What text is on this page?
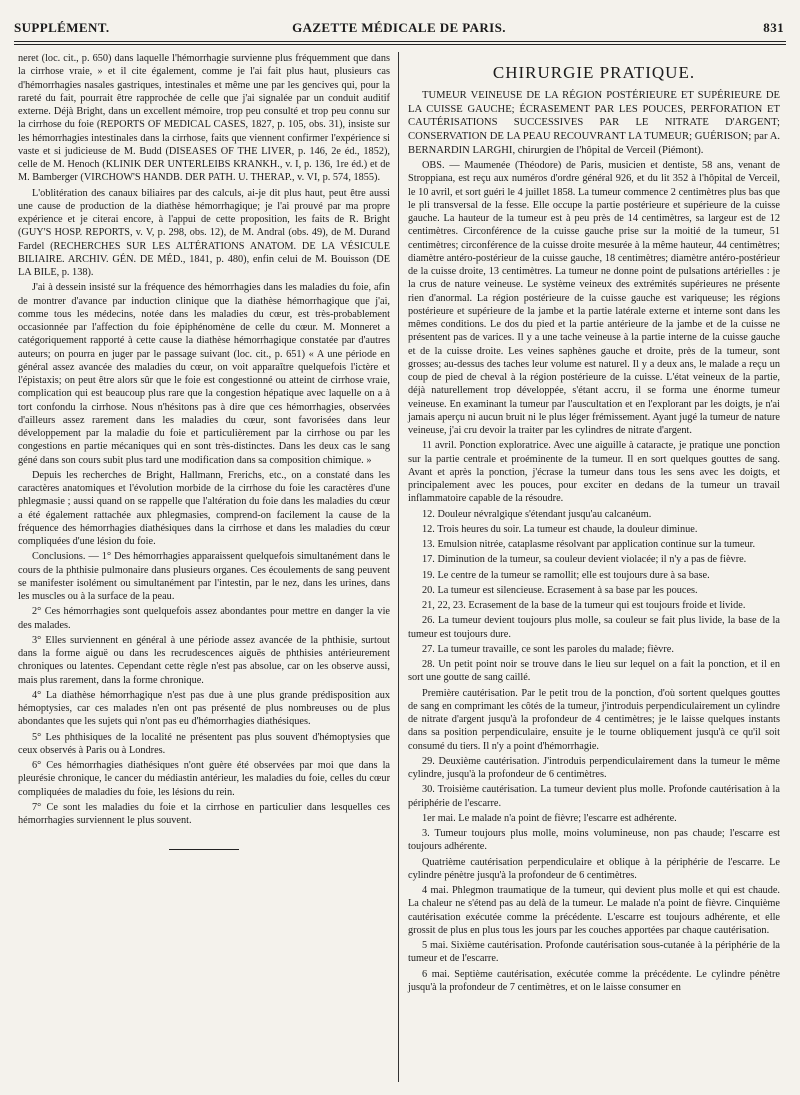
SUPPLÉMENT.	GAZETTE MÉDICALE DE PARIS.	831

neret (loc. cit., p. 650) dans laquelle l'hémorrhagie survienne plus fréquemment que dans la cirrhose vraie, » et il cite également, comme je l'ai fait plus haut, plusieurs cas d'hémorrhagies nasales gastriques, intestinales et même une par les gencives qui, pour la rareté du fait, pourrait être rapprochée de celle que j'ai signalée par un conduit auditif externe. Déjà Bright, dans un excellent mémoire, trop peu consulté et trop peu connu sur la cirrhose du foie (REPORTS OF MEDICAL CASES, 1827, p. 105, obs. 31), insiste sur les hémorrhagies intestinales dans la cirrhose, faits que viennent confirmer l'expérience si vaste et si judicieuse de M. Budd (DISEASES OF THE LIVER, p. 146, 2e éd., 1852), celle de M. Henoch (KLINIK DER UNTERLEIBS KRANKH., v. I, p. 136, 1re éd.) et de M. Bamberger (VIRCHOW'S HANDB. DER PATH. U. THERAP., v. VI, p. 574, 1855).

L'oblitération des canaux biliaires par des calculs, ai-je dit plus haut, peut être aussi une cause de production de la diathèse hémorrhagique; je l'ai prouvé par ma propre expérience et je citerai encore, à l'appui de cette proposition, les faits de R. Bright (GUY'S HOSP. REPORTS, v. V, p. 298, obs. 12), de M. Andral (obs. 49), de M. Durand Fardel (RECHERCHES SUR LES ALTÉRATIONS ANATOM. DE LA VÉSICULE BILIAIRE. ARCHIV. GÉN. DE MÉD., 1841, p. 480), enfin celui de M. Bouisson (DE LA BILE, p. 138).

J'ai à dessein insisté sur la fréquence des hémorrhagies dans les maladies du foie, afin de montrer d'avance par induction clinique que la diathèse hémorrhagique que j'ai, comme tous les médecins, notée dans les maladies du cœur, est très-probablement occasionnée par l'affection du foie épiphénomène de celle du cœur. M. Monneret a catégoriquement rapporté à cette cause la diathèse hémorrhagique constatée par d'autres auteurs; on pourra en juger par le passage suivant (loc. cit., p. 651) « A une période en général assez avancée des maladies du cœur, on voit apparaître quelquefois l'ictère et l'épistaxis; on peut être alors sûr que le foie est congestionné ou atteint de cirrhose vraie, complication qui est beaucoup plus rare que la congestion hépatique avec laquelle on a à tort confondu la cirrhose. Nous n'hésitons pas à dire que ces hémorrhagies, observées d'ailleurs assez rarement dans les maladies du cœur, sont favorisées dans leur développement par la maladie du foie et particulièrement par la cirrhose ou par les congestions en partie mécaniques qui en sont très-distinctes. Dans les deux cas le sang géné dans son cours subit plus tard une modification dans sa composition chimique. »

Depuis les recherches de Bright, Hallmann, Frerichs, etc., on a constaté dans les caractères anatomiques et l'évolution morbide de la cirrhose du foie les caractères d'une phlegmasie ; aussi quand on se rappelle que l'altération du foie dans les maladies du cœur a été également rattachée aux phlegmasies, comprend-on facilement la cause de la fréquence des hémorrhagies diathésiques dans la cirrhose et dans les maladies du cœur compliquées d'une lésion du foie.

Conclusions. — 1° Des hémorrhagies apparaissent quelquefois simultanément dans le cours de la phthisie pulmonaire dans plusieurs organes. Ces écoulements de sang peuvent se manifester isolément ou simultanément par l'intestin, par le nez, dans les urines, dans les muscles ou à la surface de la peau.

2° Ces hémorrhagies sont quelquefois assez abondantes pour mettre en danger la vie des malades.

3° Elles surviennent en général à une période assez avancée de la phthisie, surtout dans la forme aiguë ou dans les recrudescences aiguës de phthisies antérieurement chroniques ou latentes. Cependant cette règle n'est pas absolue, car on les observe aussi, mais plus rarement, dans la forme chronique.

4° La diathèse hémorrhagique n'est pas due à une plus grande prédisposition aux hémoptysies, car ces malades n'en ont pas présenté de plus nombreuses ou de plus abondantes que les sujets qui n'ont pas eu d'hémorrhagies diathésiques.

5° Les phthisiques de la localité ne présentent pas plus souvent d'hémoptysies que ceux observés à Paris ou à Londres.

6° Ces hémorrhagies diathésiques n'ont guère été observées par moi que dans la pleurésie chronique, le cancer du médiastin antérieur, les maladies du foie, celles du cœur compliquées de maladies du foie, les lésions du rein.

7° Ce sont les maladies du foie et la cirrhose en particulier dans lesquelles ces hémorrhagies surviennent le plus souvent.

CHIRURGIE PRATIQUE.

TUMEUR VEINEUSE DE LA RÉGION POSTÉRIEURE ET SUPÉRIEURE DE LA CUISSE GAUCHE; ÉCRASEMENT PAR LES POUCES, PERFORATION ET CAUTÉRISATIONS SUCCESSIVES PAR LE NITRATE D'ARGENT; CONSERVATION DE LA PEAU RECOUVRANT LA TUMEUR; GUÉRISON; par A. BERNARDIN LARGHI, chirurgien de l'hôpital de Verceil (Piémont).

OBS. — Maumenée (Théodore) de Paris, musicien et dentiste, 58 ans, venant de Stroppiana, est reçu aux numéros d'ordre général 926, et du lit 352 à l'hôpital de Verceil, le 10 avril, et sort guéri le 4 juillet 1858. La tumeur commence 2 centimètres plus bas que le pli transversal de la fesse. Elle occupe la partie postérieure et supérieure de la cuisse gauche. La hauteur de la tumeur est à peu près de 14 centimètres, sa largeur est de 12 centimètres. Circonférence de la cuisse gauche prise sur la moitié de la tumeur, 51 centimètres; circonférence de la cuisse droite mesurée à la même hauteur, 44 centimètres; diamètre antéro-postérieur de la cuisse gauche, 18 centimètres; diamètre antéro-postérieur de la cuisse droite, 13 centimètres. La tumeur ne donne point de pulsations artérielles : je la crus de nature veineuse. Le système veineux des extrémités supérieures ne présente rien d'anormal. La région postérieure de la cuisse gauche est variqueuse; les régions postérieure et supérieure de la jambe et la partie latérale externe et interne sont dans les mêmes conditions. Le dos du pied et la partie antérieure de la jambe et de la cuisse ne présentent pas de varices. Il y a une tache veineuse à la partie interne de la cuisse gauche et de la cuisse droite. Les veines saphènes gauche et droite, près de la tumeur, sont grosses; au-dessus des taches leur volume est naturel. Il y a deux ans, le malade a reçu un coup de pied de cheval à la région postérieure de la cuisse. L'état veineux de la partie, déjà naturellement trop développée, s'étant accru, il se forma une énorme tumeur veineuse. En examinant la tumeur par l'auscultation et en l'explorant par les doigts, je n'ai jamais aperçu ni aucun bruit ni le plus léger frémissement. Ayant jugé la tumeur de nature veineuse, j'ai cru devoir la traiter par les cylindres de nitrate d'argent.

11 avril. Ponction exploratrice. Avec une aiguille à cataracte, je pratique une ponction sur la partie centrale et proéminente de la tumeur. Il en sort quelques gouttes de sang. Avant et après la ponction, j'écrase la tumeur dans tous les sens avec les doigts, et principalement avec les pouces, pour exciter en dedans de la tumeur un travail inflammatoire capable de la résoudre.

12. Douleur névralgique s'étendant jusqu'au calcanéum.

12. Trois heures du soir. La tumeur est chaude, la douleur diminue.

13. Emulsion nitrée, cataplasme résolvant par application continue sur la tumeur.

17. Diminution de la tumeur, sa couleur devient violacée; il n'y a pas de fièvre.

19. Le centre de la tumeur se ramollit; elle est toujours dure à sa base.

20. La tumeur est silencieuse. Ecrasement à sa base par les pouces.

21, 22, 23. Ecrasement de la base de la tumeur qui est toujours froide et livide.

26. La tumeur devient toujours plus molle, sa couleur se fait plus livide, la base de la tumeur est toujours dure.

27. La tumeur travaille, ce sont les paroles du malade; fièvre.

28. Un petit point noir se trouve dans le lieu sur lequel on a fait la ponction, et il en sort une goutte de sang caillé.

Première cautérisation. Par le petit trou de la ponction, d'où sortent quelques gouttes de sang en comprimant les côtés de la tumeur, j'introduis perpendiculairement un cylindre de nitrate d'argent jusqu'à la profondeur de 4 centimètres; je le laisse quelques instants dans sa position perpendiculaire, ensuite je le tourne obliquement jusqu'à ce qu'il soit consumé du tiers. Il n'y a point d'hémorrhagie.

29. Deuxième cautérisation. J'introduis perpendiculairement dans la tumeur le même cylindre, jusqu'à la profondeur de 6 centimètres.

30. Troisième cautérisation. La tumeur devient plus molle. Profonde cautérisation à la périphérie de l'escarre.

1er mai. Le malade n'a point de fièvre; l'escarre est adhérente.

3. Tumeur toujours plus molle, moins volumineuse, non pas chaude; l'escarre est toujours adhérente.

Quatrième cautérisation perpendiculaire et oblique à la périphérie de l'escarre. Le cylindre pénètre jusqu'à la profondeur de 6 centimètres.

4 mai. Phlegmon traumatique de la tumeur, qui devient plus molle et qui est chaude. La chaleur ne s'étend pas au delà de la tumeur. Le malade n'a point de fièvre. Cinquième cautérisation exécutée comme la précédente. L'escarre est toujours adhérente, et elle grossit de plus en plus tous les jours par les couches apportées par chaque cautérisation.

5 mai. Sixième cautérisation. Profonde cautérisation sous-cutanée à la périphérie de la tumeur et de l'escarre.

6 mai. Septième cautérisation, exécutée comme la précédente. Le cylindre pénètre jusqu'à la profondeur de 7 centimètres, et on le laisse consumer en
